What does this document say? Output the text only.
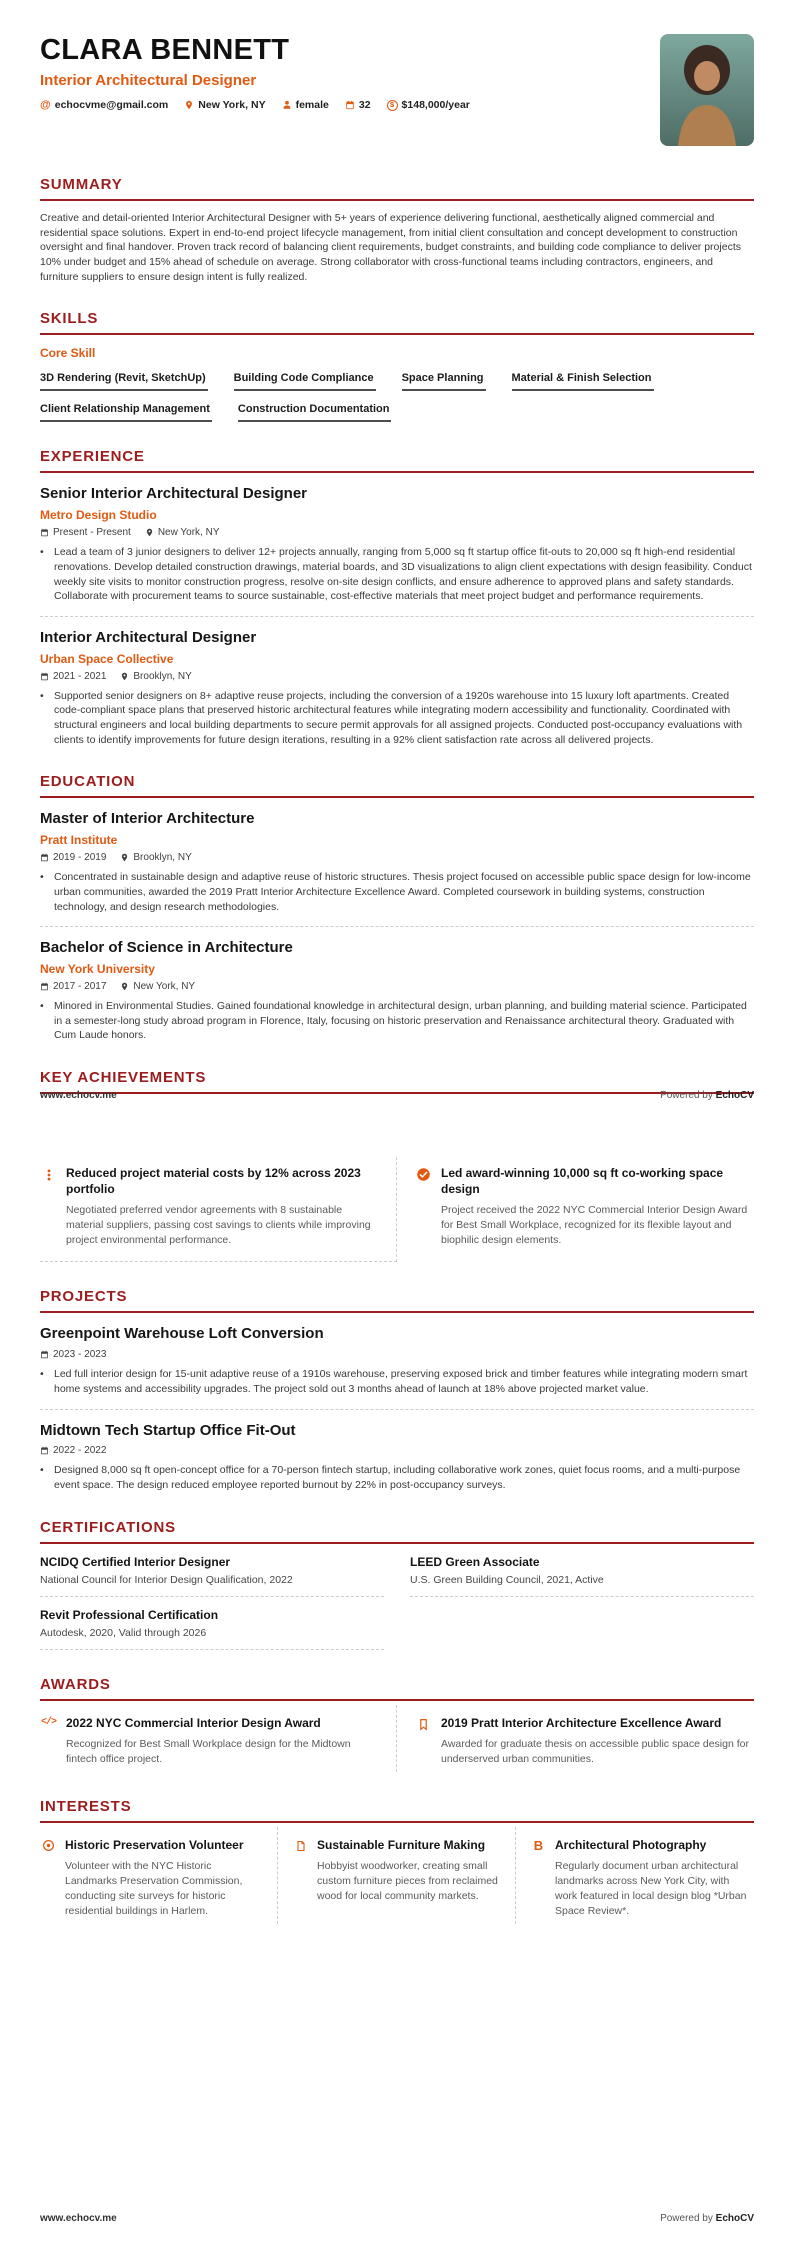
CLARA BENNETT
Interior Architectural Designer
@ echocvme@gmail.com	New York, NY	female	32	$ $148,000/year
SUMMARY
Creative and detail-oriented Interior Architectural Designer with 5+ years of experience delivering functional, aesthetically aligned commercial and residential space solutions. Expert in end-to-end project lifecycle management, from initial client consultation and concept development to construction oversight and final handover. Proven track record of balancing client requirements, budget constraints, and building code compliance to deliver projects 10% under budget and 15% ahead of schedule on average. Strong collaborator with cross-functional teams including contractors, engineers, and furniture suppliers to ensure design intent is fully realized.
SKILLS
Core Skill
3D Rendering (Revit, SketchUp)	Building Code Compliance	Space Planning	Material & Finish Selection
Client Relationship Management	Construction Documentation
EXPERIENCE
Senior Interior Architectural Designer
Metro Design Studio
Present - Present	New York, NY
• Lead a team of 3 junior designers to deliver 12+ projects annually, ranging from 5,000 sq ft startup office fit-outs to 20,000 sq ft high-end residential renovations. Develop detailed construction drawings, material boards, and 3D visualizations to align client expectations with design feasibility. Conduct weekly site visits to monitor construction progress, resolve on-site design conflicts, and ensure adherence to approved plans and safety standards. Collaborate with procurement teams to source sustainable, cost-effective materials that meet project budget and performance requirements.
Interior Architectural Designer
Urban Space Collective
2021 - 2021	Brooklyn, NY
• Supported senior designers on 8+ adaptive reuse projects, including the conversion of a 1920s warehouse into 15 luxury loft apartments. Created code-compliant space plans that preserved historic architectural features while integrating modern accessibility and functionality. Coordinated with structural engineers and local building departments to secure permit approvals for all assigned projects. Conducted post-occupancy evaluations with clients to identify improvements for future design iterations, resulting in a 92% client satisfaction rate across all delivered projects.
EDUCATION
Master of Interior Architecture
Pratt Institute
2019 - 2019	Brooklyn, NY
• Concentrated in sustainable design and adaptive reuse of historic structures. Thesis project focused on accessible public space design for low-income urban communities, awarded the 2019 Pratt Interior Architecture Excellence Award. Completed coursework in building systems, construction technology, and design research methodologies.
Bachelor of Science in Architecture
New York University
2017 - 2017	New York, NY
• Minored in Environmental Studies. Gained foundational knowledge in architectural design, urban planning, and building material science. Participated in a semester-long study abroad program in Florence, Italy, focusing on historic preservation and Renaissance architectural theory. Graduated with Cum Laude honors.
KEY ACHIEVEMENTS
www.echocv.me	Powered by EchoCV
Reduced project material costs by 12% across 2023 portfolio
Negotiated preferred vendor agreements with 8 sustainable material suppliers, passing cost savings to clients while improving project environmental performance.
Led award-winning 10,000 sq ft co-working space design
Project received the 2022 NYC Commercial Interior Design Award for Best Small Workplace, recognized for its flexible layout and biophilic design elements.
PROJECTS
Greenpoint Warehouse Loft Conversion
2023 - 2023
• Led full interior design for 15-unit adaptive reuse of a 1910s warehouse, preserving exposed brick and timber features while integrating modern smart home systems and accessibility upgrades. The project sold out 3 months ahead of launch at 18% above projected market value.
Midtown Tech Startup Office Fit-Out
2022 - 2022
• Designed 8,000 sq ft open-concept office for a 70-person fintech startup, including collaborative work zones, quiet focus rooms, and a multi-purpose event space. The design reduced employee reported burnout by 22% in post-occupancy surveys.
CERTIFICATIONS
NCIDQ Certified Interior Designer
National Council for Interior Design Qualification, 2022
LEED Green Associate
U.S. Green Building Council, 2021, Active
Revit Professional Certification
Autodesk, 2020, Valid through 2026
AWARDS
</> 2022 NYC Commercial Interior Design Award
Recognized for Best Small Workplace design for the Midtown fintech office project.
2019 Pratt Interior Architecture Excellence Award
Awarded for graduate thesis on accessible public space design for underserved urban communities.
INTERESTS
Historic Preservation Volunteer
Volunteer with the NYC Historic Landmarks Preservation Commission, conducting site surveys for historic residential buildings in Harlem.
Sustainable Furniture Making
Hobbyist woodworker, creating small custom furniture pieces from reclaimed wood for local community markets.
B Architectural Photography
Regularly document urban architectural landmarks across New York City, with work featured in local design blog *Urban Space Review*.
www.echocv.me	Powered by EchoCV
